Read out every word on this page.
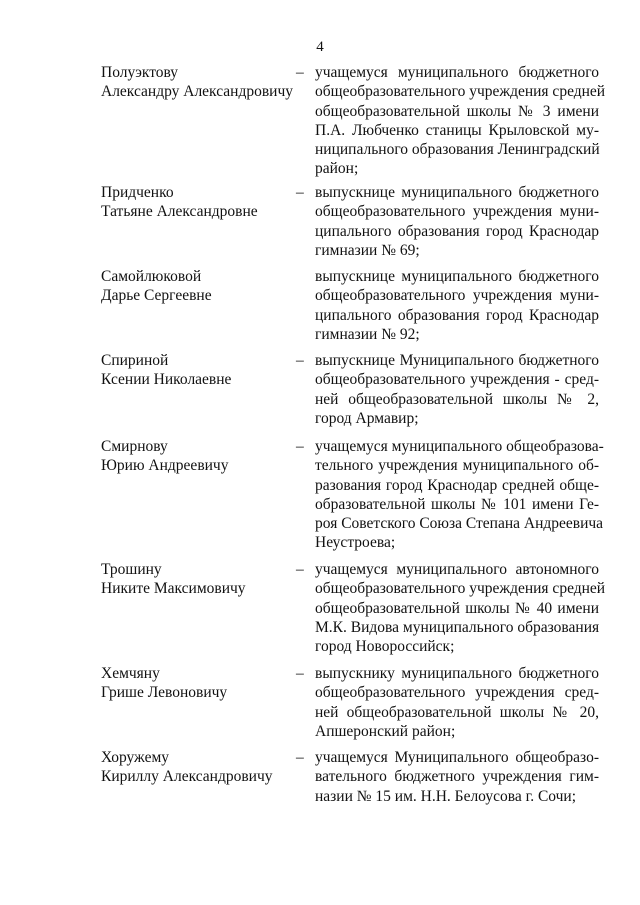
4
Полуэктову
Александру Александровичу
– учащемуся муниципального бюджетного
общеобразовательного учреждения средней
общеобразовательной школы № 3 имени
П.А. Любченко станицы Крыловской му-
ниципального образования Ленинградский
район;
Придченко
Татьяне Александровне
– выпускнице муниципального бюджетного
общеобразовательного учреждения муни-
ципального образования город Краснодар
гимназии № 69;
Самойлюковой
Дарье Сергеевне
выпускнице муниципального бюджетного
общеобразовательного учреждения муни-
ципального образования город Краснодар
гимназии № 92;
Спириной
Ксении Николаевне
– выпускнице Муниципального бюджетного
общеобразовательного учреждения - сред-
ней общеобразовательной школы № 2,
город Армавир;
Смирнову
Юрию Андреевичу
– учащемуся муниципального общеобразова-
тельного учреждения муниципального об-
разования город Краснодар средней обще-
образовательной школы № 101 имени Ге-
роя Советского Союза Степана Андреевича
Неустроева;
Трошину
Никите Максимовичу
– учащемуся муниципального автономного
общеобразовательного учреждения средней
общеобразовательной школы № 40 имени
М.К. Видова муниципального образования
город Новороссийск;
Хемчяну
Грише Левоновичу
– выпускнику муниципального бюджетного
общеобразовательного учреждения сред-
ней общеобразовательной школы № 20,
Апшеронский район;
Хоружему
Кириллу Александровичу
– учащемуся Муниципального общеобразо-
вательного бюджетного учреждения гим-
назии № 15 им. Н.Н. Белоусова г. Сочи;
